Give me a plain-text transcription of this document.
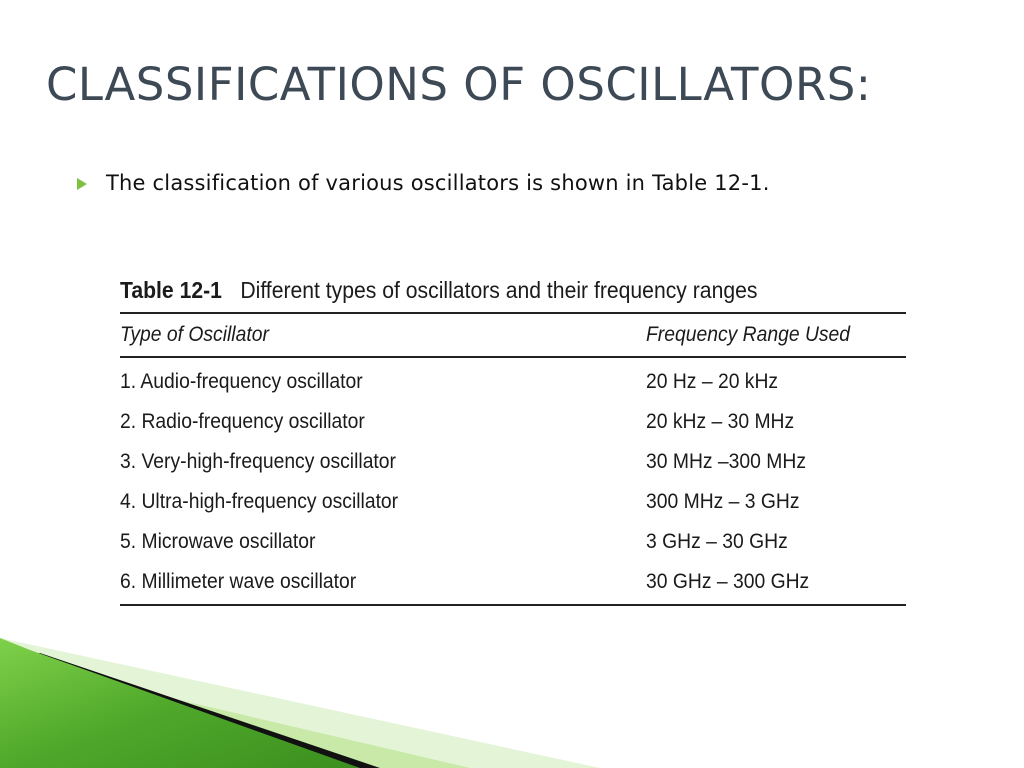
CLASSIFICATIONS OF OSCILLATORS:
The classification of various oscillators is shown in Table 12-1.
Table 12-1 Different types of oscillators and their frequency ranges
Type of Oscillator	Frequency Range Used
1. Audio-frequency oscillator	20 Hz – 20 kHz
2. Radio-frequency oscillator	20 kHz – 30 MHz
3. Very-high-frequency oscillator	30 MHz –300 MHz
4. Ultra-high-frequency oscillator	300 MHz – 3 GHz
5. Microwave oscillator	3 GHz – 30 GHz
6. Millimeter wave oscillator	30 GHz – 300 GHz
